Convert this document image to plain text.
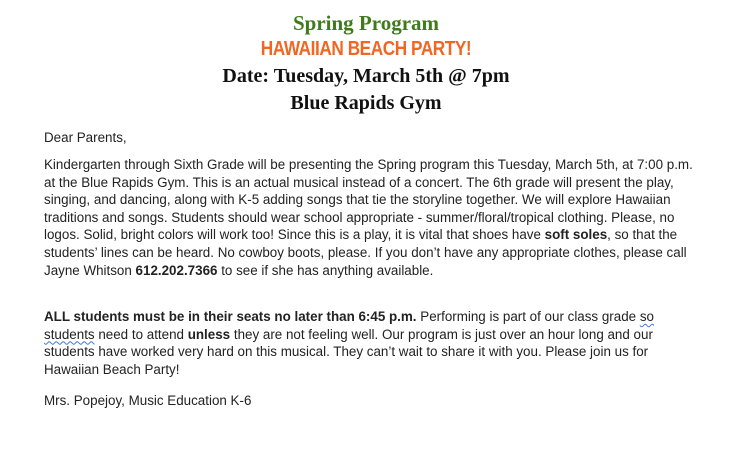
Spring Program
HAWAIIAN BEACH PARTY!
Date: Tuesday, March 5th @ 7pm
Blue Rapids Gym
Dear Parents,
Kindergarten through Sixth Grade will be presenting the Spring program this Tuesday, March 5th, at 7:00 p.m. at the Blue Rapids Gym. This is an actual musical instead of a concert. The 6th grade will present the play, singing, and dancing, along with K-5 adding songs that tie the storyline together. We will explore Hawaiian traditions and songs. Students should wear school appropriate - summer/floral/tropical clothing. Please, no logos. Solid, bright colors will work too! Since this is a play, it is vital that shoes have soft soles, so that the students’ lines can be heard. No cowboy boots, please. If you don’t have any appropriate clothes, please call Jayne Whitson 612.202.7366 to see if she has anything available.
ALL students must be in their seats no later than 6:45 p.m. Performing is part of our class grade so students need to attend unless they are not feeling well. Our program is just over an hour long and our students have worked very hard on this musical. They can’t wait to share it with you. Please join us for Hawaiian Beach Party!
Mrs. Popejoy, Music Education K-6
